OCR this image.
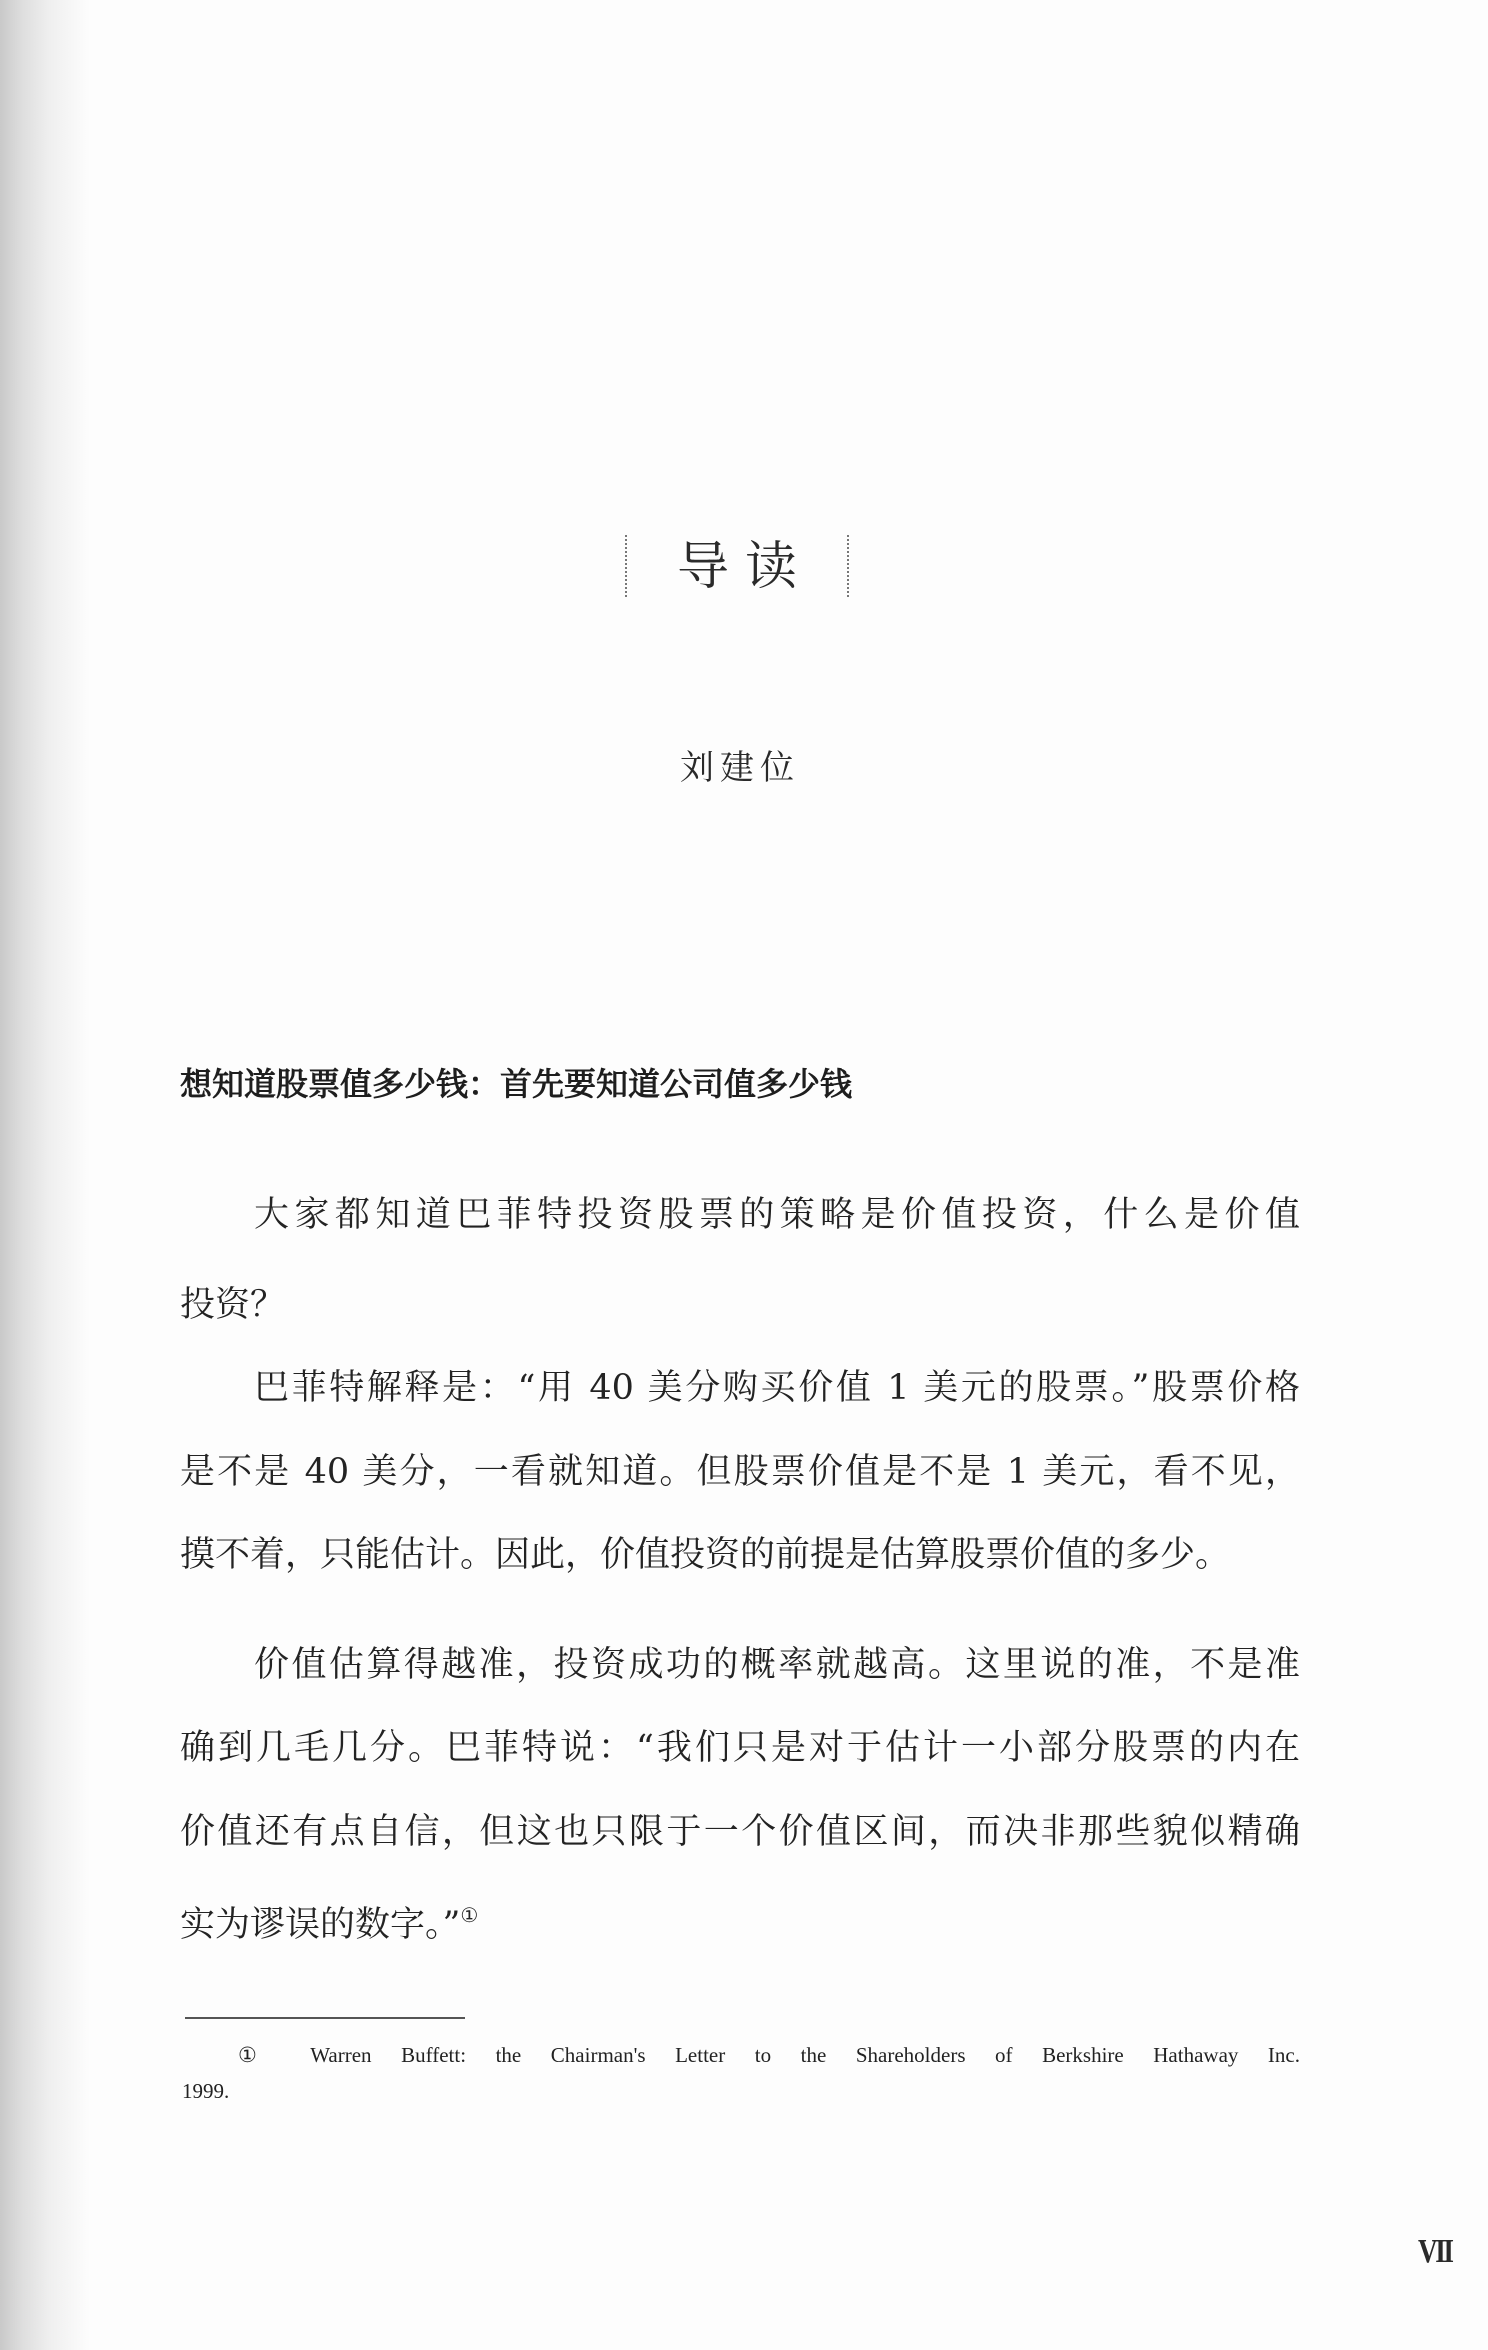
导读
刘建位
想知道股票值多少钱：首先要知道公司值多少钱
大家都知道巴菲特投资股票的策略是价值投资，什么是价值
投资？
巴菲特解释是：“用 40 美分购买价值 1 美元的股票。”股票价格
是不是 40 美分，一看就知道。但股票价值是不是 1 美元，看不见，
摸不着，只能估计。因此，价值投资的前提是估算股票价值的多少。
价值估算得越准，投资成功的概率就越高。这里说的准，不是准
确到几毛几分。巴菲特说：“我们只是对于估计一小部分股票的内在
价值还有点自信，但这也只限于一个价值区间，而决非那些貌似精确
实为谬误的数字。”①
① Warren Buffett: the Chairman's Letter to the Shareholders of Berkshire Hathaway Inc.
1999.
VII
